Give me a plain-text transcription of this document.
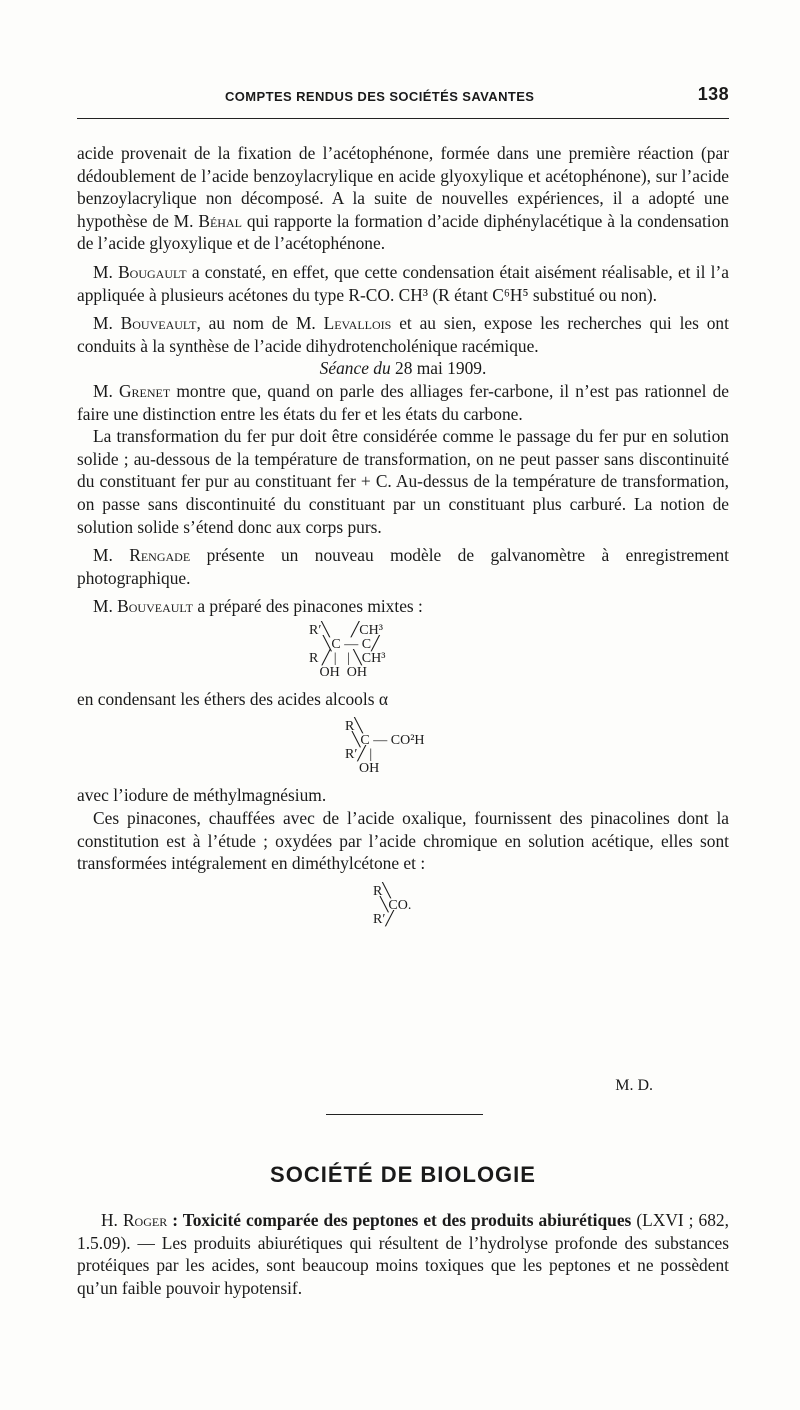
COMPTES RENDUS DES SOCIÉTÉS SAVANTES	138

acide provenait de la fixation de l’acétophénone, formée dans une première réaction (par dédoublement de l’acide benzoylacrylique en acide glyoxylique et acétophénone), sur l’acide benzoylacrylique non décomposé. A la suite de nouvelles expériences, il a adopté une hypothèse de M. Béhal qui rapporte la formation d’acide diphénylacétique à la condensation de l’acide glyoxylique et de l’acétophénone.

M. Bougault a constaté, en effet, que cette condensation était aisément réalisable, et il l’a appliquée à plusieurs acétones du type R-CO. CH³ (R étant C⁶H⁵ substitué ou non).

M. Bouveault, au nom de M. Levallois et au sien, expose les recherches qui les ont conduits à la synthèse de l’acide dihydrotencholénique racémique.

Séance du 28 mai 1909.

M. Grenet montre que, quand on parle des alliages fer-carbone, il n’est pas rationnel de faire une distinction entre les états du fer et les états du carbone.

La transformation du fer pur doit être considérée comme le passage du fer pur en solution solide ; au-dessous de la température de transformation, on ne peut passer sans discontinuité du constituant fer pur au constituant fer + C. Au-dessus de la température de transformation, on passe sans discontinuité du constituant par un constituant plus carburé. La notion de solution solide s’étend donc aux corps purs.

M. Rengade présente un nouveau modèle de galvanomètre à enregistrement photographique.

M. Bouveault a préparé des pinacones mixtes :

R′╲      ╱CH³
╲C — C╱
R ╱ |   | ╲CH³
OH  OH

en condensant les éthers des acides alcools α

R╲
╲C — CO²H
R′╱ |
OH

avec l’iodure de méthylmagnésium.

Ces pinacones, chauffées avec de l’acide oxalique, fournissent des pinacolines dont la constitution est à l’étude ; oxydées par l’acide chromique en solution acétique, elles sont transformées intégralement en diméthylcétone et :

R╲
╲CO.
R′╱
M. D.
SOCIÉTÉ DE BIOLOGIE

H. Roger : Toxicité comparée des peptones et des produits abiurétiques (LXVI ; 682, 1.5.09). — Les produits abiurétiques qui résultent de l’hydrolyse profonde des substances protéiques par les acides, sont beaucoup moins toxiques que les peptones et ne possèdent qu’un faible pouvoir hypotensif.
